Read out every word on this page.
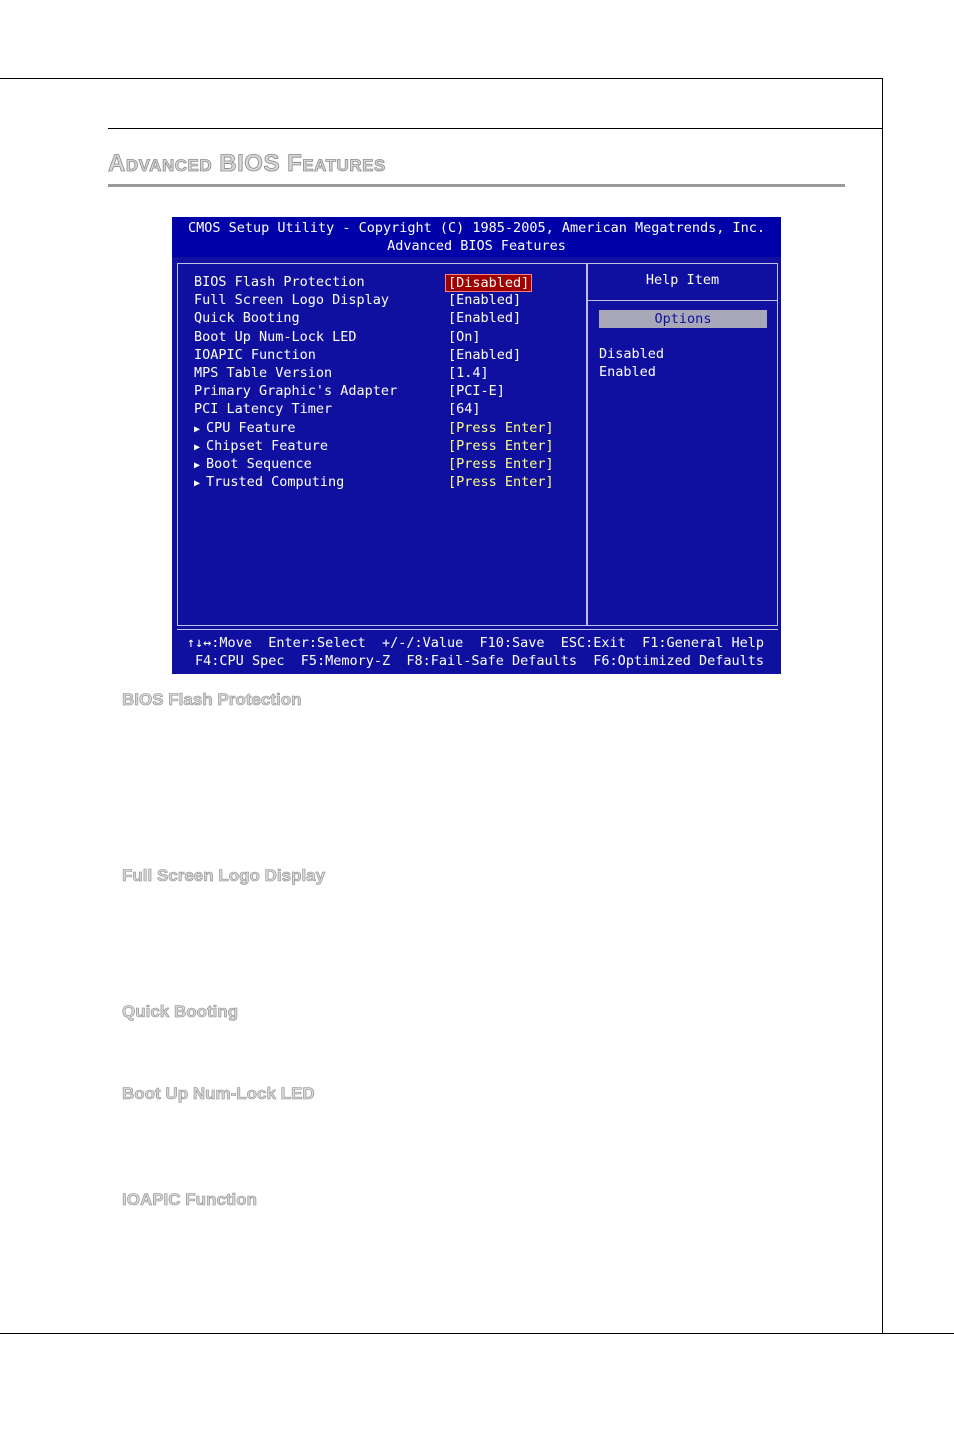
Advanced BIOS Features
CMOS Setup Utility - Copyright (C) 1985-2005, American Megatrends, Inc.
Advanced BIOS Features
BIOS Flash Protection	[Disabled]
Full Screen Logo Display	[Enabled]
Quick Booting	[Enabled]
Boot Up Num-Lock LED	[On]
IOAPIC Function	[Enabled]
MPS Table Version	[1.4]
Primary Graphic's Adapter	[PCI-E]
PCI Latency Timer	[64]
▶ CPU Feature	[Press Enter]
▶ Chipset Feature	[Press Enter]
▶ Boot Sequence	[Press Enter]
▶ Trusted Computing	[Press Enter]
Help Item
Options
Disabled
Enabled
↑↓↔:Move  Enter:Select  +/-/:Value  F10:Save  ESC:Exit  F1:General Help
F4:CPU Spec  F5:Memory-Z  F8:Fail-Safe Defaults  F6:Optimized Defaults
BIOS Flash Protection
Full Screen Logo Display
Quick Booting
Boot Up Num-Lock LED
IOAPIC Function
